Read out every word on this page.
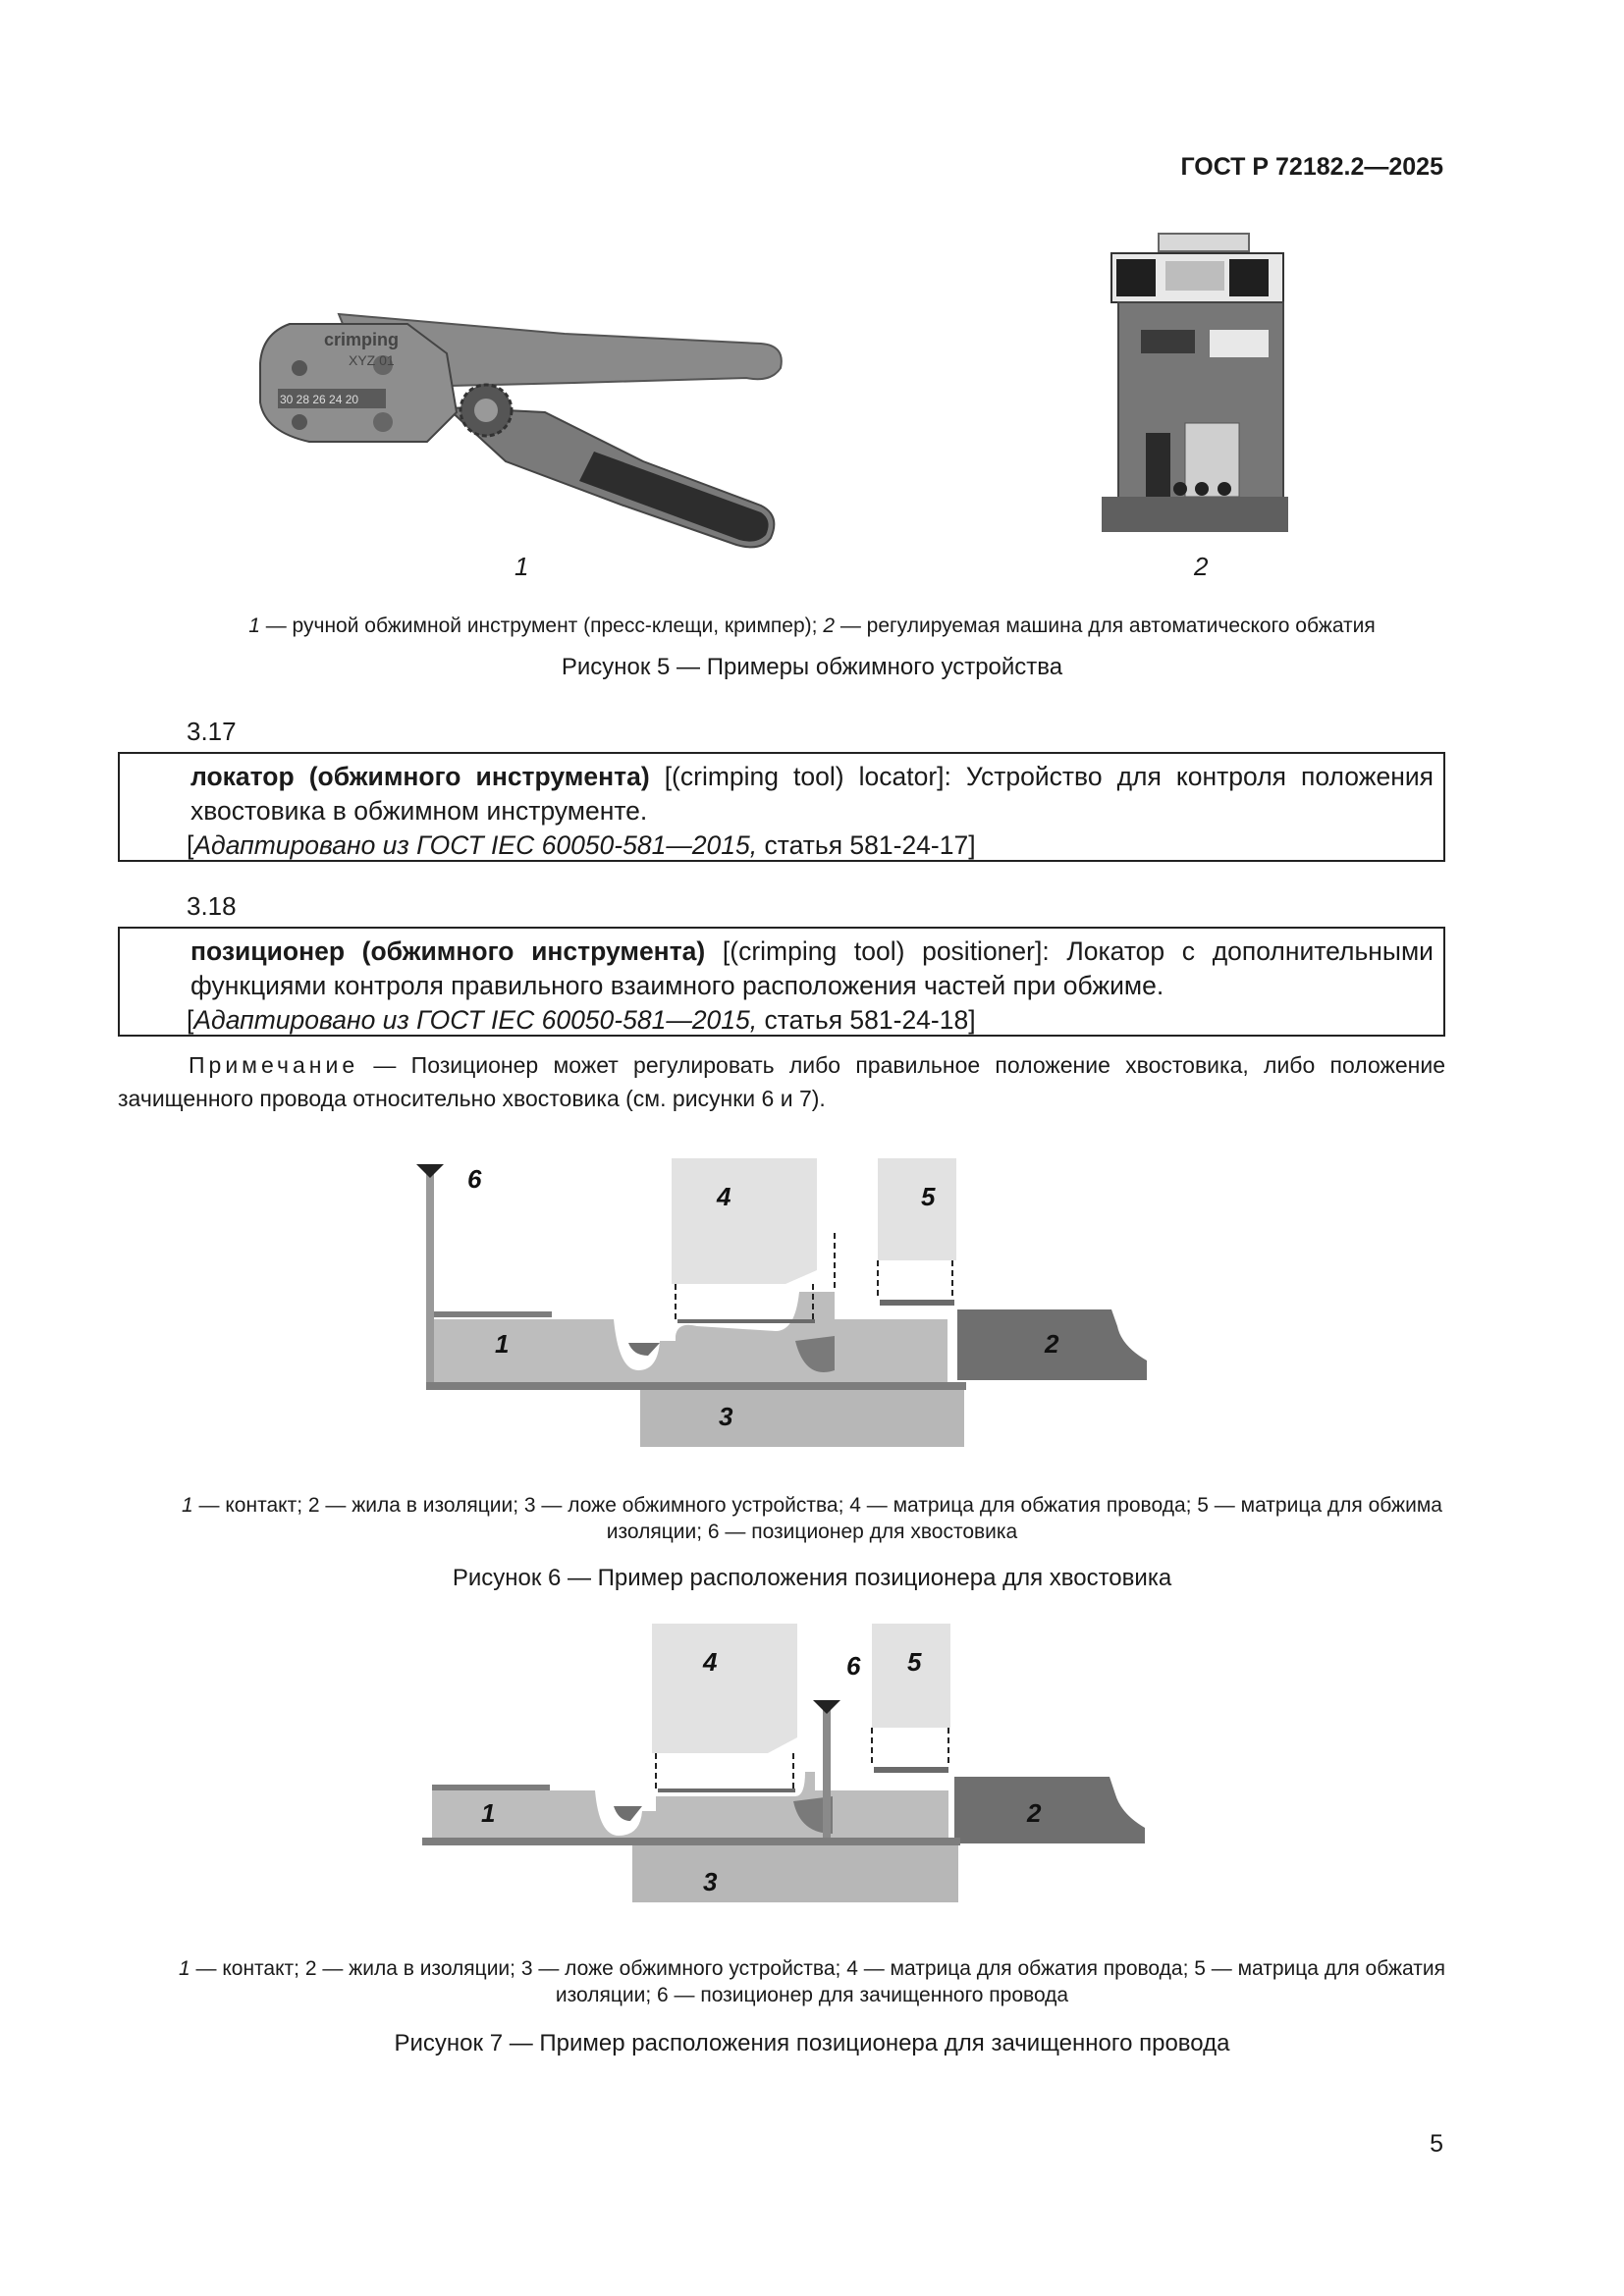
ГОСТ Р 72182.2—2025
crimping
XYZ 01
30 28 26 24 20
1	2
1 — ручной обжимной инструмент (пресс-клещи, кримпер); 2 — регулируемая машина для автоматического обжатия
Рисунок 5 — Примеры обжимного устройства
3.17
локатор (обжимного инструмента) [(crimping tool) locator]: Устройство для контроля положения хвостовика в обжимном инструменте.
[Адаптировано из ГОСТ IEC 60050-581—2015, статья 581-24-17]
3.18
позиционер (обжимного инструмента) [(crimping tool) positioner]: Локатор с дополнительными функциями контроля правильного взаимного расположения частей при обжиме.
[Адаптировано из ГОСТ IEC 60050-581—2015, статья 581-24-18]
Примечание — Позиционер может регулировать либо правильное положение хвостовика, либо положение зачищенного провода относительно хвостовика (см. рисунки 6 и 7).
6
4	5
1	2
3
1 — контакт; 2 — жила в изоляции; 3 — ложе обжимного устройства; 4 — матрица для обжатия провода; 5 — матрица для обжима
изоляции; 6 — позиционер для хвостовика
Рисунок 6 — Пример расположения позиционера для хвостовика
4	6 5
1	2
3
1 — контакт; 2 — жила в изоляции; 3 — ложе обжимного устройства; 4 — матрица для обжатия провода; 5 — матрица для обжатия
изоляции; 6 — позиционер для зачищенного провода
Рисунок 7 — Пример расположения позиционера для зачищенного провода
5
